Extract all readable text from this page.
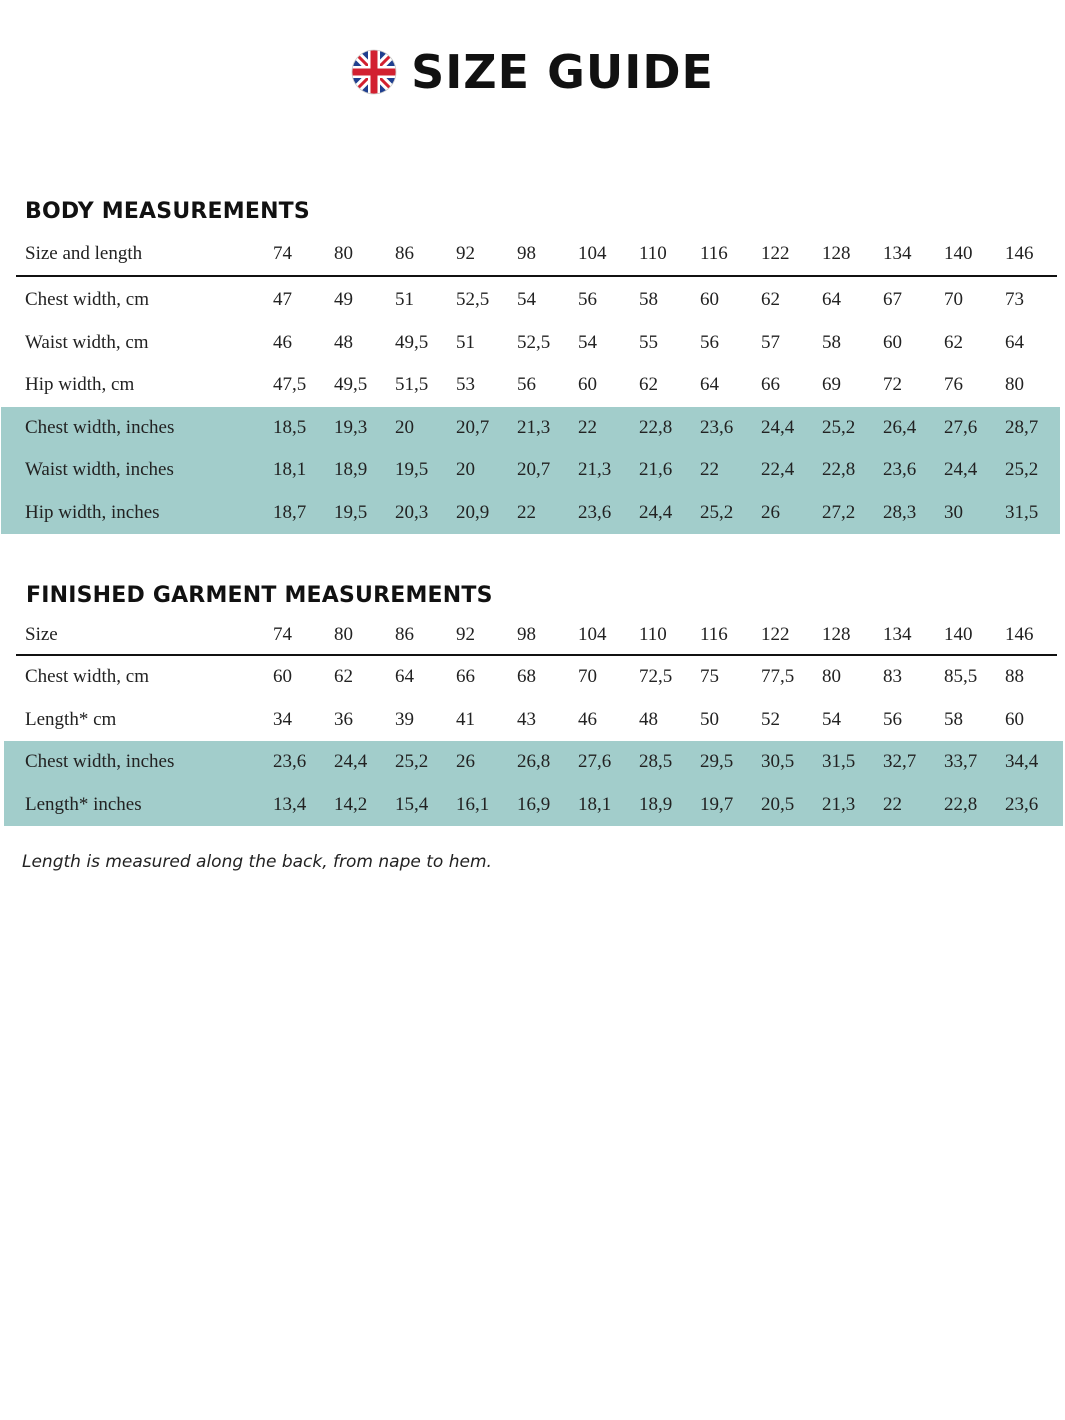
SIZE GUIDE
BODY MEASUREMENTS
Size and length	74 80 86 92 98 104 110 116 122 128 134 140 146
Chest width, cm	47 49 51 52,5 54 56 58 60 62 64 67 70 73
Waist width, cm	46 48 49,5 51 52,5 54 55 56 57 58 60 62 64
Hip width, cm	47,5 49,5 51,5 53 56 60 62 64 66 69 72 76 80
Chest width, inches	18,5 19,3 20 20,7 21,3 22 22,8 23,6 24,4 25,2 26,4 27,6 28,7
Waist width, inches	18,1 18,9 19,5 20 20,7 21,3 21,6 22 22,4 22,8 23,6 24,4 25,2
Hip width, inches	18,7 19,5 20,3 20,9 22 23,6 24,4 25,2 26 27,2 28,3 30 31,5
FINISHED GARMENT MEASUREMENTS
Size	74 80 86 92 98 104 110 116 122 128 134 140 146
Chest width, cm	60 62 64 66 68 70 72,5 75 77,5 80 83 85,5 88
Length* cm	34 36 39 41 43 46 48 50 52 54 56 58 60
Chest width, inches	23,6 24,4 25,2 26 26,8 27,6 28,5 29,5 30,5 31,5 32,7 33,7 34,4
Length* inches	13,4 14,2 15,4 16,1 16,9 18,1 18,9 19,7 20,5 21,3 22 22,8 23,6
Length is measured along the back, from nape to hem.
